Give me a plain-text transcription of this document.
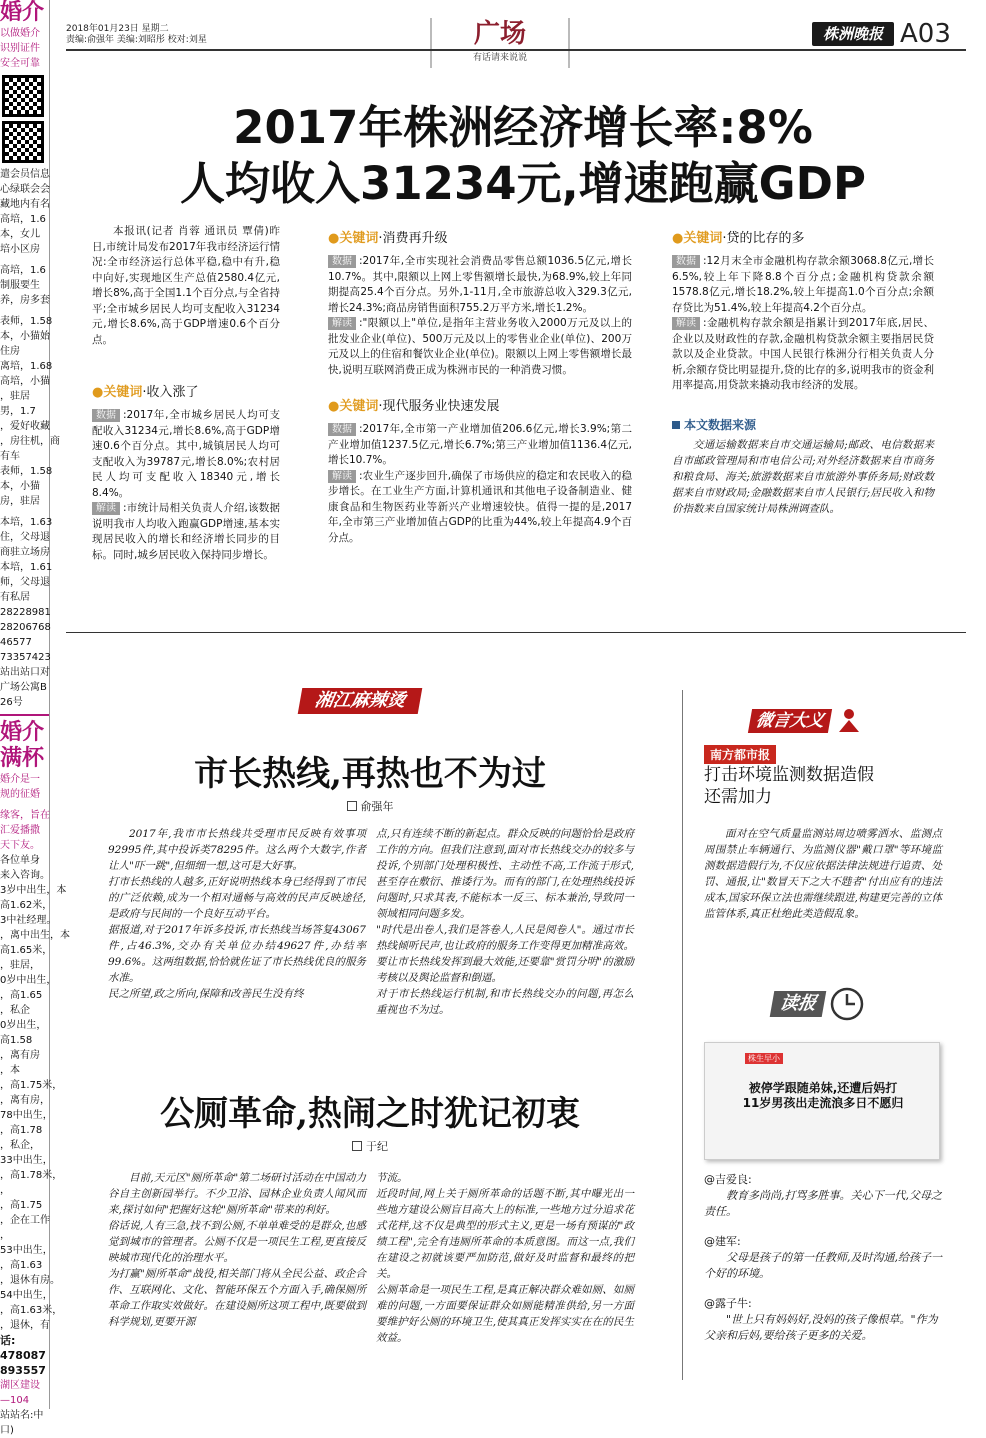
婚介
以做婚介
识别证件
安全可靠
遣会员信息
心绿联会会
藏地内有名
高培，1.6
本，女儿
培小区房
高培，1.6
制服要生
养，房多套
表师，1.58
本，小猫始
住房
离培，1.68
高培，小猫
，驻居
男，1.7
，爱好收藏
，房往机，商
有车
表师，1.58
本，小猫
房，驻居
本培，1.63
住，父母退
商驻立场房
本培，1.61
师，父母退
有私居
28228981
28206768
46577
73357423
站出站口对
广场公寓B
26号
婚介
满杯
婚介是一
规的征婚
缘客，旨在
汇爱播撒
天下友。
各位单身
来入咨询。
3岁中出生，本
高1.62米，
3中社经理。
，离中出生，本
高1.65米，
，驻居，
0岁中出生，
，高1.65
，私企
0岁出生，
高1.58
，离有房
，本
，高1.75米，
，离有房，
78中出生，
，高1.78
，私企，
33中出生，
，高1.78米，
，
，高1.75
，企在工作
，
53中出生，
，高1.63
，退休有房。
54中出生，
，高1.63米，
，退休，有
话:
478087
893557
湖区建设
—104
站站名:中
口)
2018年01月23日 星期二
责编:俞强年 美编:刘昭彤 校对:刘星	广场
有话请来说说
株洲晚报 A03
2017年株洲经济增长率:8%
人均收入31234元,增速跑赢GDP

本报讯(记者 肖蓉 通讯员 覃倩)昨日,市统计局发布2017年我市经济运行情况:全市经济运行总体平稳,稳中有升,稳中向好,实现地区生产总值2580.4亿元,增长8%,高于全国1.1个百分点,与全省持平;全市城乡居民人均可支配收入31234元,增长8.6%,高于GDP增速0.6个百分点。

●关键词·收入涨了

数据 :2017年,全市城乡居民人均可支配收入31234元,增长8.6%,高于GDP增速0.6个百分点。其中,城镇居民人均可支配收入为39787元,增长8.0%;农村居民人均可支配收入18340元,增长8.4%。

解读 :市统计局相关负责人介绍,该数据说明我市人均收入跑赢GDP增速,基本实现居民收入的增长和经济增长同步的目标。同时,城乡居民收入保持同步增长。

●关键词·消费再升级

数据 :2017年,全市实现社会消费品零售总额1036.5亿元,增长10.7%。其中,限额以上网上零售额增长最快,为68.9%,较上年同期提高25.4个百分点。另外,1-11月,全市旅游总收入329.3亿元,增长24.3%;商品房销售面积755.2万平方米,增长1.2%。

解读 :"限额以上"单位,是指年主营业务收入2000万元及以上的批发业企业(单位)、500万元及以上的零售业企业(单位)、200万元及以上的住宿和餐饮业企业(单位)。限额以上网上零售额增长最快,说明互联网消费正成为株洲市民的一种消费习惯。

●关键词·现代服务业快速发展

数据 :2017年,全市第一产业增加值206.6亿元,增长3.9%;第二产业增加值1237.5亿元,增长6.7%;第三产业增加值1136.4亿元,增长10.7%。

解读 :农业生产逐步回升,确保了市场供应的稳定和农民收入的稳步增长。在工业生产方面,计算机通讯和其他电子设备制造业、健康食品和生物医药业等新兴产业增速较快。值得一提的是,2017年,全市第三产业增加值占GDP的比重为44%,较上年提高4.9个百分点。

●关键词·贷的比存的多

数据 :12月末全市金融机构存款余额3068.8亿元,增长6.5%,较上年下降8.8个百分点;金融机构贷款余额1578.8亿元,增长18.2%,较上年提高1.0个百分点;余额存贷比为51.4%,较上年提高4.2个百分点。

解读 :金融机构存款余额是指累计到2017年底,居民、企业以及财政性的存款,金融机构贷款余额主要指居民贷款以及企业贷款。中国人民银行株洲分行相关负责人分析,余额存贷比明显提升,贷的比存的多,说明我市的资金利用率提高,用贷款来撬动我市经济的发展。

本文数据来源

交通运输数据来自市交通运输局;邮政、电信数据来自市邮政管理局和市电信公司;对外经济数据来自市商务和粮食局、海关;旅游数据来自市旅游外事侨务局;财政数据来自市财政局;金融数据来自市人民银行;居民收入和物价指数来自国家统计局株洲调查队。

湘江麻辣烫
市长热线,再热也不为过
俞强年
2017年,我市市长热线共受理市民反映有效事项92995件,其中投诉类78295件。这么两个大数字,作者让人"吓一跳",但细细一想,这可是大好事。
打市长热线的人越多,正好说明热线本身已经得到了市民的广泛依赖,成为一个相对通畅与高效的民声反映途径,是政府与民间的一个良好互动平台。
据报道,对于2017年诉多投诉,市长热线当场答复43067件,占46.3%,交办有关单位办结49627件,办结率99.6%。这两组数据,恰恰就佐证了市长热线优良的服务水准。
民之所望,政之所向,保障和改善民生没有终
点,只有连续不断的新起点。群众反映的问题恰恰是政府工作的方向。但我们注意到,面对市长热线交办的较多与投诉,个别部门处理积极性、主动性不高,工作流于形式,甚至存在敷衍、推诿行为。而有的部门,在处理热线投诉问题时,只求其表,不能标本一反三、标本兼治,导致同一领域相同问题多发。
"时代是出卷人,我们是答卷人,人民是阅卷人"。通过市长热线倾听民声,也让政府的服务工作变得更加精准高效。要让市长热线发挥到最大效能,还要靠"赏罚分明"的激励考核以及舆论监督和倒逼。
对于市长热线运行机制,和市长热线交办的问题,再怎么重视也不为过。
公厕革命,热闹之时犹记初衷
于纪
目前,天元区"厕所革命"第二场研讨活动在中国动力谷自主创新园举行。不少卫浴、园林企业负责人闻风而来,探讨如何"把握好这轮"厕所革命"带来的利好。
俗话说,人有三急,找不到公厕,不单单难受的是群众,也感觉到城市的管理者。公厕不仅是一项民生工程,更直接反映城市现代化的治理水平。
为打赢"厕所革命"战役,相关部门将从全民公益、政企合作、互联网化、文化、智能环保五个方面入手,确保厕所革命工作取实效做好。在建设厕所这项工程中,既要做到科学规划,更要开源
节流。
近段时间,网上关于厕所革命的话题不断,其中曝光出一些地方建设公厕盲目高大上的标准,一些地方过分追求花式花样,这不仅是典型的形式主义,更是一场有预谋的"政绩工程",完全有违厕所革命的本质意图。而这一点,我们在建设之初就该要严加防范,做好及时监督和最终的把关。
公厕革命是一项民生工程,是真正解决群众难如厕、如厕难的问题,一方面要保证群众如厕能精准供给,另一方面要维护好公厕的环境卫生,使其真正发挥实实在在的民生效益。
微言大义
南方都市报
打击环境监测数据造假
还需加力
面对在空气质量监测站周边喷雾洒水、监测点周围禁止车辆通行、为监测仪器"戴口罩"等环境监测数据造假行为,不仅应依据法律法规进行追责、处罚、通报,让"数冒天下之大不韪者"付出应有的违法成本,国家环保立法也需继续跟进,构建更完善的立体监管体系,真正杜绝此类造假乱象。
读报
株生早小
被停学跟随弟妹,还遭后妈打
11岁男孩出走流浪多日不愿归
@吉爱良:
教育多尚尚,打骂多胜事。关心下一代,父母之责任。
@建军:
父母是孩子的第一任教师,及时沟通,给孩子一个好的环境。
@露子牛:
"世上只有妈妈好,没妈的孩子像根草。"作为父亲和后妈,要给孩子更多的关爱。
